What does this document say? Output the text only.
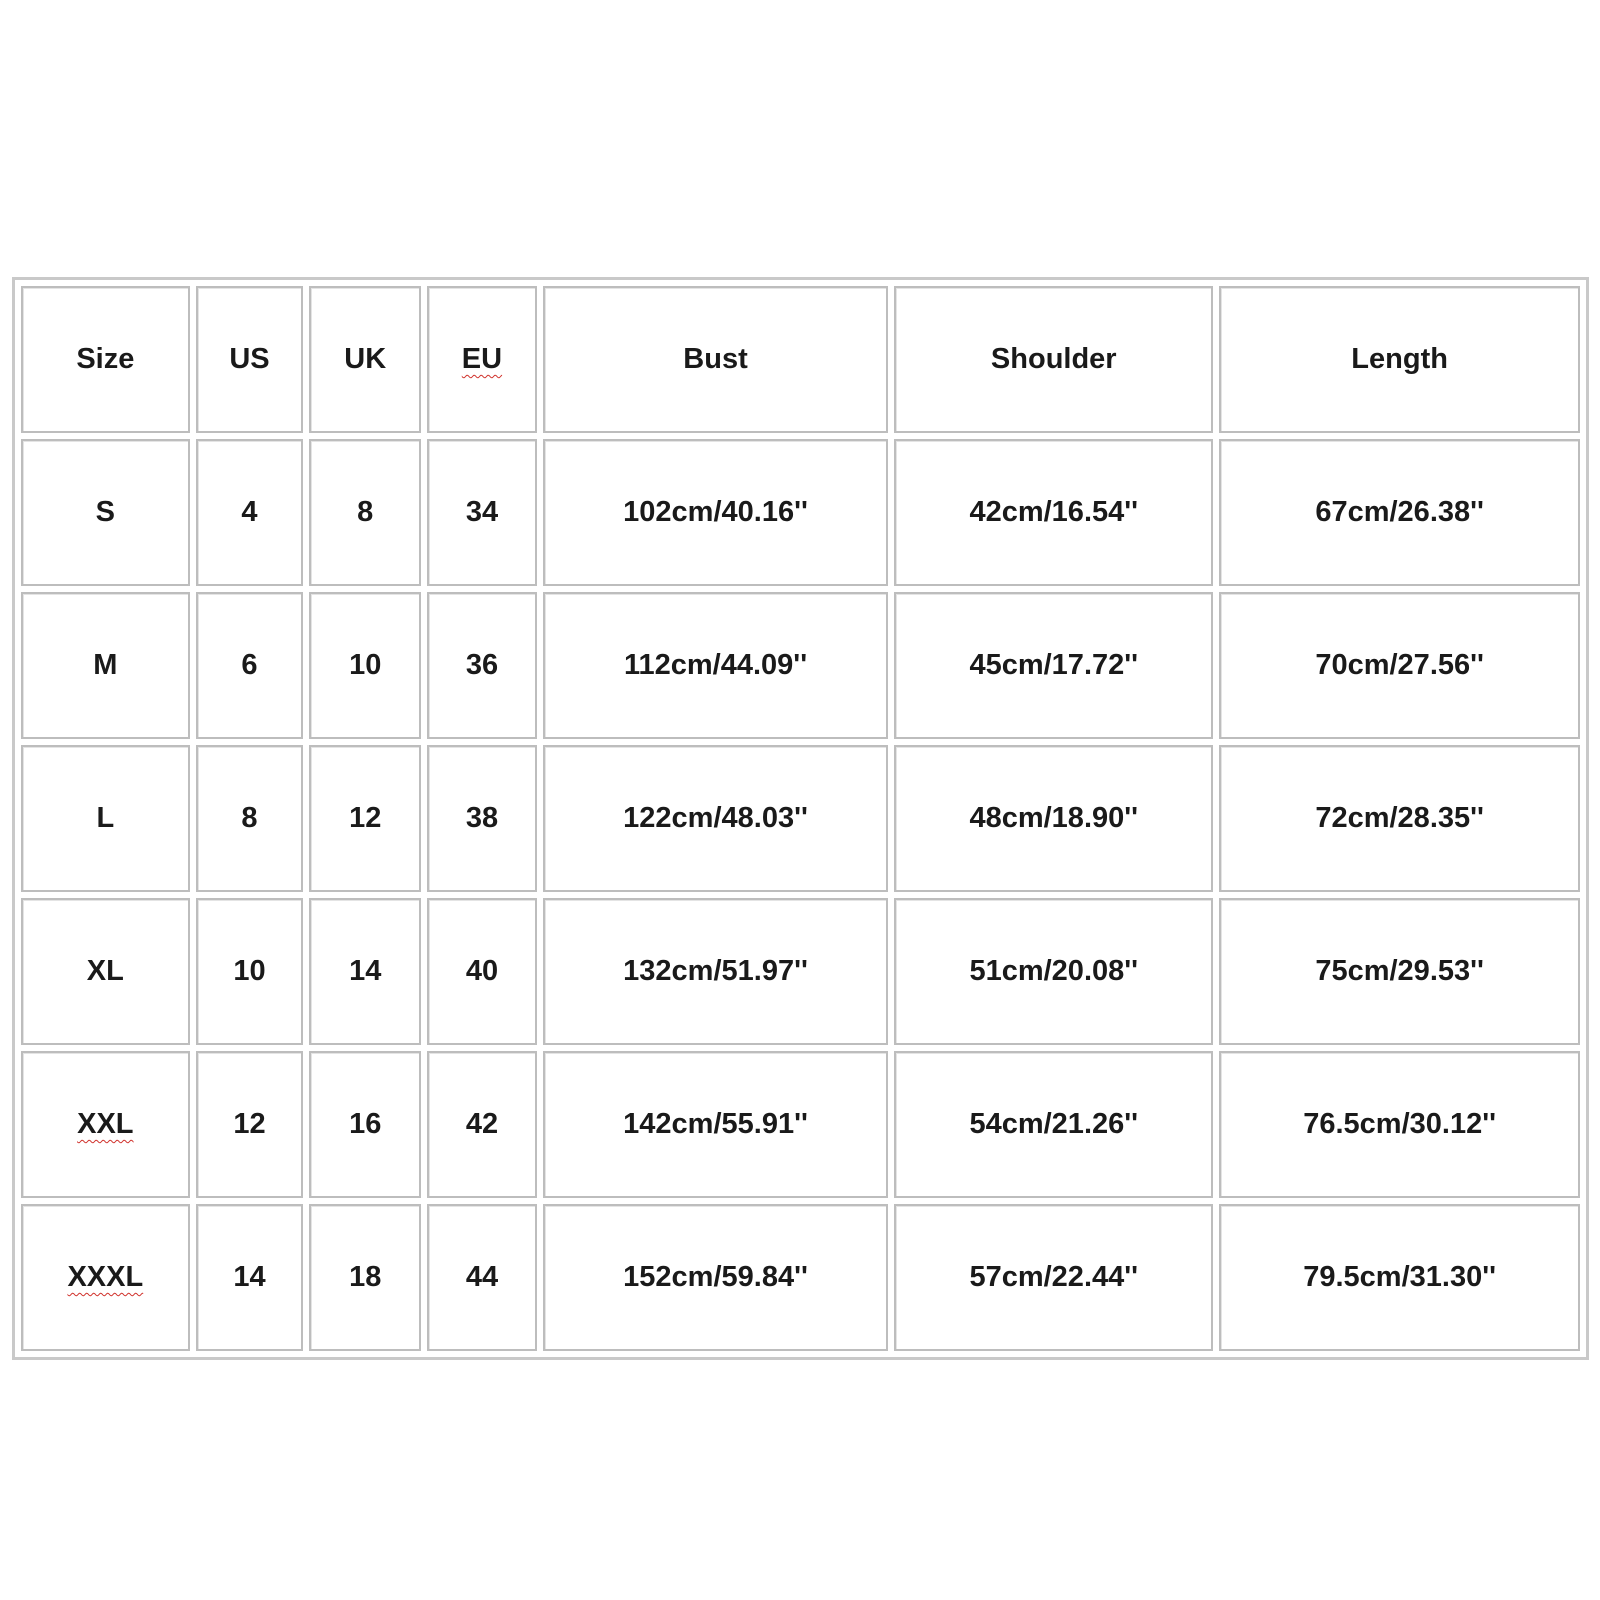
Size	US	UK	EU	Bust	Shoulder	Length
S	4	8	34	102cm/40.16''	42cm/16.54''	67cm/26.38''
M	6	10	36	112cm/44.09''	45cm/17.72''	70cm/27.56''
L	8	12	38	122cm/48.03''	48cm/18.90''	72cm/28.35''
XL	10	14	40	132cm/51.97''	51cm/20.08''	75cm/29.53''
XXL	12	16	42	142cm/55.91''	54cm/21.26''	76.5cm/30.12''
XXXL	14	18	44	152cm/59.84''	57cm/22.44''	79.5cm/31.30''
